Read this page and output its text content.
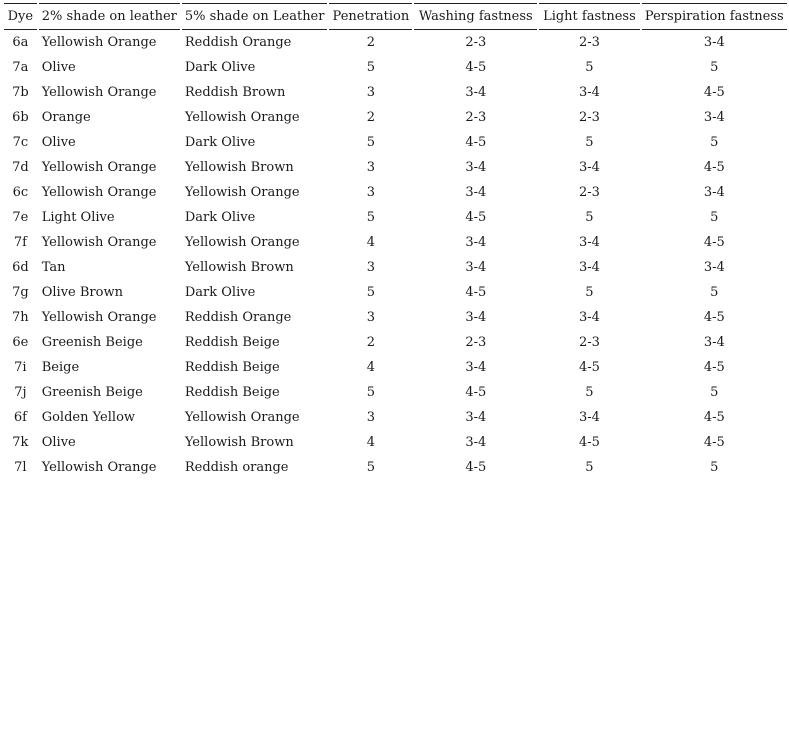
Dye	2% shade on leather	5% shade on Leather	Penetration	Washing fastness	Light fastness	Perspiration fastness
6a	Yellowish Orange	Reddish Orange	2	2-3	2-3	3-4
7a	Olive	Dark Olive	5	4-5	5	5
7b	Yellowish Orange	Reddish Brown	3	3-4	3-4	4-5
6b	Orange	Yellowish Orange	2	2-3	2-3	3-4
7c	Olive	Dark Olive	5	4-5	5	5
7d	Yellowish Orange	Yellowish Brown	3	3-4	3-4	4-5
6c	Yellowish Orange	Yellowish Orange	3	3-4	2-3	3-4
7e	Light Olive	Dark Olive	5	4-5	5	5
7f	Yellowish Orange	Yellowish Orange	4	3-4	3-4	4-5
6d	Tan	Yellowish Brown	3	3-4	3-4	3-4
7g	Olive Brown	Dark Olive	5	4-5	5	5
7h	Yellowish Orange	Reddish Orange	3	3-4	3-4	4-5
6e	Greenish Beige	Reddish Beige	2	2-3	2-3	3-4
7i	Beige	Reddish Beige	4	3-4	4-5	4-5
7j	Greenish Beige	Reddish Beige	5	4-5	5	5
6f	Golden Yellow	Yellowish Orange	3	3-4	3-4	4-5
7k	Olive	Yellowish Brown	4	3-4	4-5	4-5
7l	Yellowish Orange	Reddish orange	5	4-5	5	5
